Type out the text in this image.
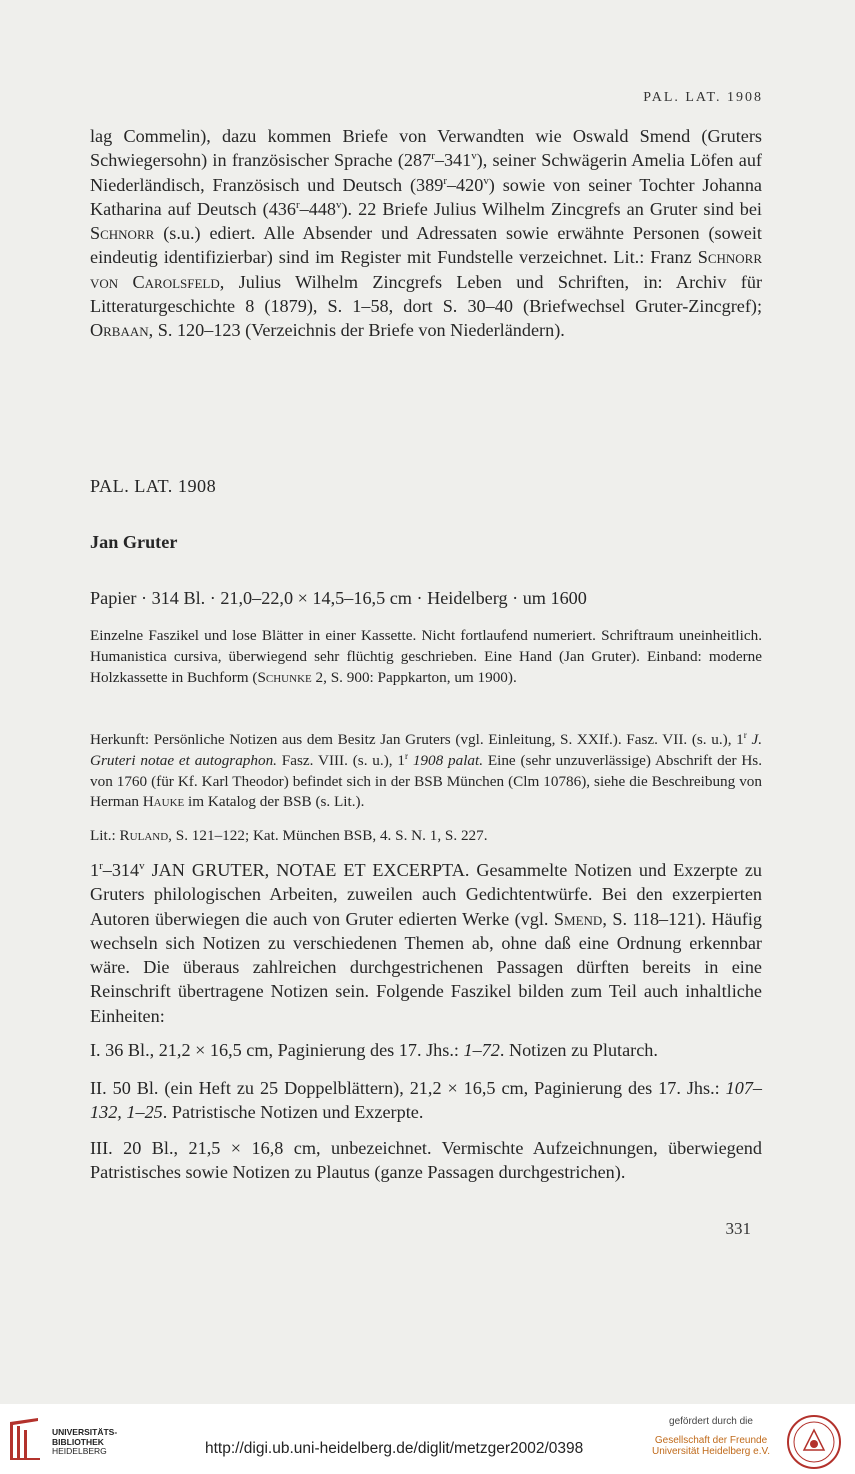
PAL. LAT. 1908

lag Commelin), dazu kommen Briefe von Verwandten wie Oswald Smend (Gruters Schwiegersohn) in französischer Sprache (287$^r$–341$^v$), seiner Schwägerin Amelia Löfen auf Niederländisch, Französisch und Deutsch (389$^r$–420$^v$) sowie von seiner Tochter Johanna Katharina auf Deutsch (436$^r$–448$^v$). 22 Briefe Julius Wilhelm Zincgrefs an Gruter sind bei Schnorr (s.u.) ediert. Alle Absender und Adressaten sowie erwähnte Personen (soweit eindeutig identifizierbar) sind im Register mit Fundstelle verzeichnet. Lit.: Franz Schnorr von Carolsfeld, Julius Wilhelm Zincgrefs Leben und Schriften, in: Archiv für Litteraturgeschichte 8 (1879), S. 1–58, dort S. 30–40 (Briefwechsel Gruter-Zincgref); Orbaan, S. 120–123 (Verzeichnis der Briefe von Niederländern).

PAL. LAT. 1908
Jan Gruter
Papier · 314 Bl. · 21,0–22,0 × 14,5–16,5 cm · Heidelberg · um 1600

Einzelne Faszikel und lose Blätter in einer Kassette. Nicht fortlaufend numeriert. Schriftraum uneinheitlich. Humanistica cursiva, überwiegend sehr flüchtig geschrieben. Eine Hand (Jan Gruter). Einband: moderne Holzkassette in Buchform (Schunke 2, S. 900: Pappkarton, um 1900).

Herkunft: Persönliche Notizen aus dem Besitz Jan Gruters (vgl. Einleitung, S. XXIf.). Fasz. VII. (s. u.), 1$^r$ J. Gruteri notae et autographon. Fasz. VIII. (s. u.), 1$^r$ 1908 palat. Eine (sehr unzuverlässige) Abschrift der Hs. von 1760 (für Kf. Karl Theodor) befindet sich in der BSB München (Clm 10786), siehe die Beschreibung von Herman Hauke im Katalog der BSB (s. Lit.).

Lit.: Ruland, S. 121–122; Kat. München BSB, 4. S. N. 1, S. 227.

1$^r$–314$^v$ JAN GRUTER, NOTAE ET EXCERPTA. Gesammelte Notizen und Exzerpte zu Gruters philologischen Arbeiten, zuweilen auch Gedichtentwürfe. Bei den exzerpierten Autoren überwiegen die auch von Gruter edierten Werke (vgl. Smend, S. 118–121). Häufig wechseln sich Notizen zu verschiedenen Themen ab, ohne daß eine Ordnung erkennbar wäre. Die überaus zahlreichen durchgestrichenen Passagen dürften bereits in eine Reinschrift übertragene Notizen sein. Folgende Faszikel bilden zum Teil auch inhaltliche Einheiten:

I. 36 Bl., 21,2 × 16,5 cm, Paginierung des 17. Jhs.: 1–72. Notizen zu Plutarch.

II. 50 Bl. (ein Heft zu 25 Doppelblättern), 21,2 × 16,5 cm, Paginierung des 17. Jhs.: 107–132, 1–25. Patristische Notizen und Exzerpte.

III. 20 Bl., 21,5 × 16,8 cm, unbezeichnet. Vermischte Aufzeichnungen, überwiegend Patristisches sowie Notizen zu Plautus (ganze Passagen durchgestrichen).

331
UNIVERSITÄTS-
BIBLIOTHEK
HEIDELBERG	http://digi.ub.uni-heidelberg.de/diglit/metzger2002/0398
gefördert durch die
Gesellschaft der Freunde
Universität Heidelberg e.V.
